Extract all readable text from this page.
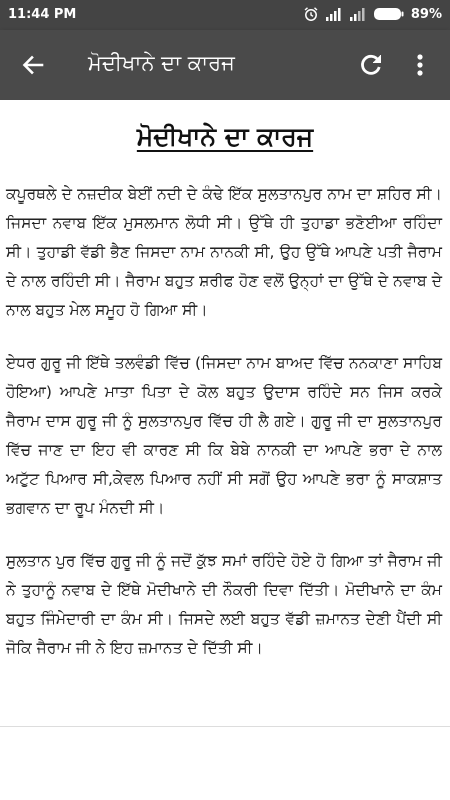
11:44 PM	89%
ਮੋਦੀਖਾਨੇ ਦਾ ਕਾਰਜ
ਮੋਦੀਖਾਨੇ ਦਾ ਕਾਰਜ

ਕਪੂਰਥਲੇ ਦੇ ਨਜ਼ਦੀਕ ਬੇਈਂ ਨਦੀ ਦੇ ਕੰਢੇ ਇੱਕ ਸੁਲਤਾਨਪੁਰ ਨਾਮ ਦਾ ਸ਼ਹਿਰ ਸੀ। ਜਿਸਦਾ ਨਵਾਬ ਇੱਕ ਮੁਸਲਮਾਨ ਲੋਧੀ ਸੀ। ਉੱਥੇ ਹੀ ਤੁਹਾਡਾ ਭਣੋਈਆ ਰਹਿੰਦਾ ਸੀ। ਤੁਹਾਡੀ ਵੱਡੀ ਭੈਣ ਜਿਸਦਾ ਨਾਮ ਨਾਨਕੀ ਸੀ, ਉਹ ਉੱਥੇ ਆਪਣੇ ਪਤੀ ਜੈਰਾਮ ਦੇ ਨਾਲ ਰਹਿੰਦੀ ਸੀ। ਜੈਰਾਮ ਬਹੁਤ ਸ਼ਰੀਫ ਹੋਣ ਵਲੋਂ ਉਨ੍ਹਾਂ ਦਾ ਉੱਥੇ ਦੇ ਨਵਾਬ ਦੇ ਨਾਲ ਬਹੁਤ ਮੇਲ ਸਮੂਹ ਹੋ ਗਿਆ ਸੀ।

ਏਧਰ ਗੁਰੂ ਜੀ ਇੱਥੇ ਤਲਵੰਡੀ ਵਿੱਚ (ਜਿਸਦਾ ਨਾਮ ਬਾਅਦ ਵਿੱਚ ਨਨਕਾਣਾ ਸਾਹਿਬ ਹੋਇਆ) ਆਪਣੇ ਮਾਤਾ ਪਿਤਾ ਦੇ ਕੋਲ ਬਹੁਤ ਉਦਾਸ ਰਹਿੰਦੇ ਸਨ ਜਿਸ ਕਰਕੇ ਜੈਰਾਮ ਦਾਸ ਗੁਰੂ ਜੀ ਨੂੰ ਸੁਲਤਾਨਪੁਰ ਵਿੱਚ ਹੀ ਲੈ ਗਏ। ਗੁਰੂ ਜੀ ਦਾ ਸੁਲਤਾਨਪੁਰ ਵਿੱਚ ਜਾਣ ਦਾ ਇਹ ਵੀ ਕਾਰਣ ਸੀ ਕਿ ਬੇਬੇ ਨਾਨਕੀ ਦਾ ਆਪਣੇ ਭਰਾ ਦੇ ਨਾਲ ਅਟੁੱਟ ਪਿਆਰ ਸੀ,ਕੇਵਲ ਪਿਆਰ ਨਹੀਂ ਸੀ ਸਗੋਂ ਉਹ ਆਪਣੇ ਭਰਾ ਨੂੰ ਸਾਕਸ਼ਾਤ ਭਗਵਾਨ ਦਾ ਰੂਪ ਮੰਨਦੀ ਸੀ।

ਸੁਲਤਾਨ ਪੁਰ ਵਿੱਚ ਗੁਰੂ ਜੀ ਨੂੰ ਜਦੋਂ ਕੁੱਝ ਸਮਾਂ ਰਹਿੰਦੇ ਹੋਏ ਹੋ ਗਿਆ ਤਾਂ ਜੈਰਾਮ ਜੀ ਨੇ ਤੁਹਾਨੂੰ ਨਵਾਬ ਦੇ ਇੱਥੇ ਮੋਦੀਖਾਨੇ ਦੀ ਨੌਕਰੀ ਦਿਵਾ ਦਿੱਤੀ। ਮੋਦੀਖਾਨੇ ਦਾ ਕੰਮ ਬਹੁਤ ਜਿੰਮੇਦਾਰੀ ਦਾ ਕੰਮ ਸੀ। ਜਿਸਦੇ ਲਈ ਬਹੁਤ ਵੱਡੀ ਜ਼ਮਾਨਤ ਦੇਣੀ ਪੈਂਦੀ ਸੀ ਜੋਕਿ ਜੈਰਾਮ ਜੀ ਨੇ ਇਹ ਜ਼ਮਾਨਤ ਦੇ ਦਿੱਤੀ ਸੀ।
